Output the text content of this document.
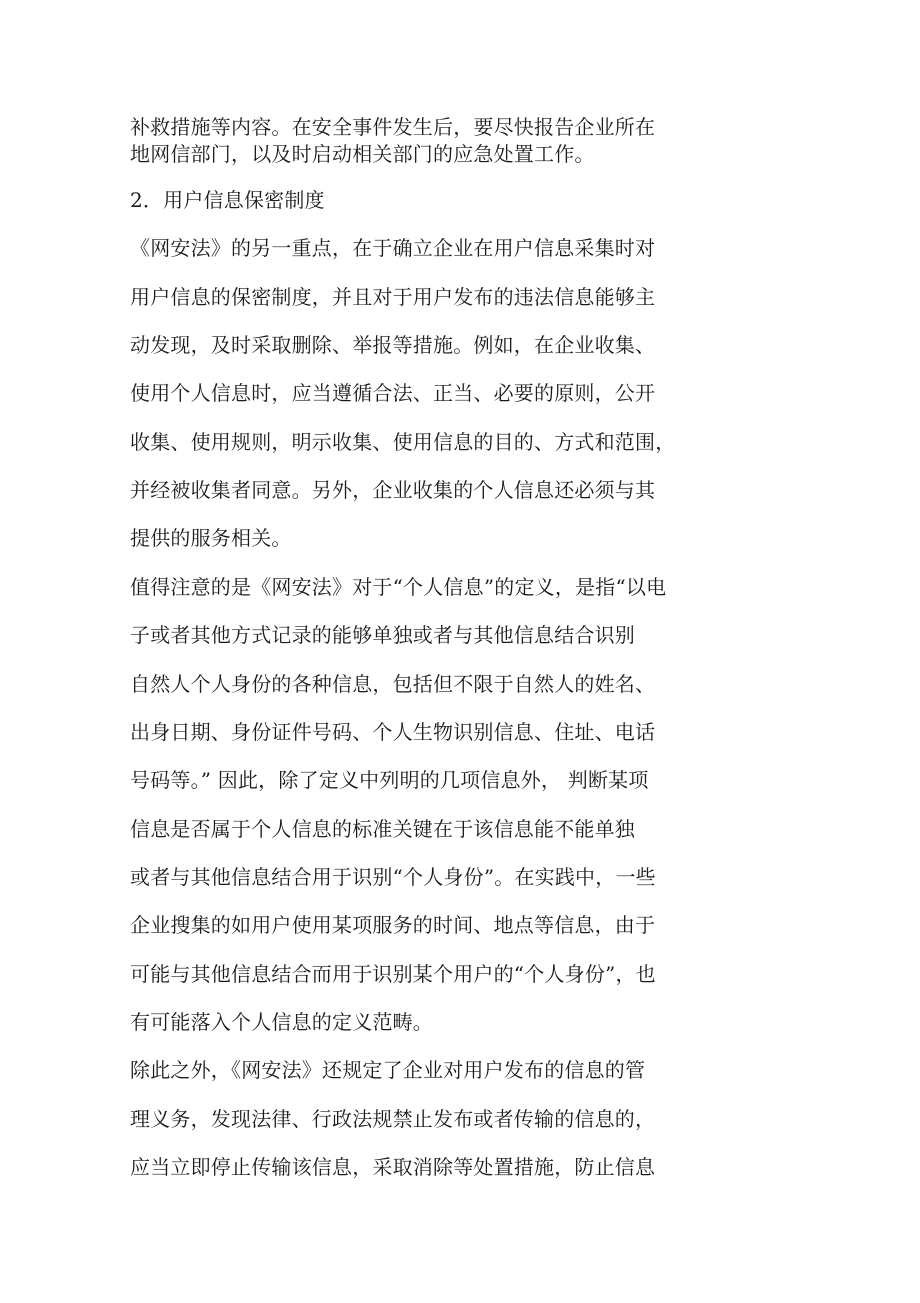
补救措施等内容。在安全事件发生后，要尽快报告企业所在
地网信部门，以及时启动相关部门的应急处置工作。
2．用户信息保密制度
《网安法》的另一重点，在于确立企业在用户信息采集时对
用户信息的保密制度，并且对于用户发布的违法信息能够主
动发现，及时采取删除、举报等措施。例如，在企业收集、
使用个人信息时，应当遵循合法、正当、必要的原则，公开
收集、使用规则，明示收集、使用信息的目的、方式和范围，
并经被收集者同意。另外，企业收集的个人信息还必须与其
提供的服务相关。
值得注意的是《网安法》对于“个人信息”的定义，是指“以电
子或者其他方式记录的能够单独或者与其他信息结合识别
自然人个人身份的各种信息，包括但不限于自然人的姓名、
出身日期、身份证件号码、个人生物识别信息、住址、电话
号码等。” 因此，除了定义中列明的几项信息外， 判断某项
信息是否属于个人信息的标准关键在于该信息能不能单独
或者与其他信息结合用于识别“个人身份”。在实践中，一些
企业搜集的如用户使用某项服务的时间、地点等信息，由于
可能与其他信息结合而用于识别某个用户的“个人身份”，也
有可能落入个人信息的定义范畴。
除此之外，《网安法》还规定了企业对用户发布的信息的管
理义务，发现法律、行政法规禁止发布或者传输的信息的，
应当立即停止传输该信息，采取消除等处置措施，防止信息
